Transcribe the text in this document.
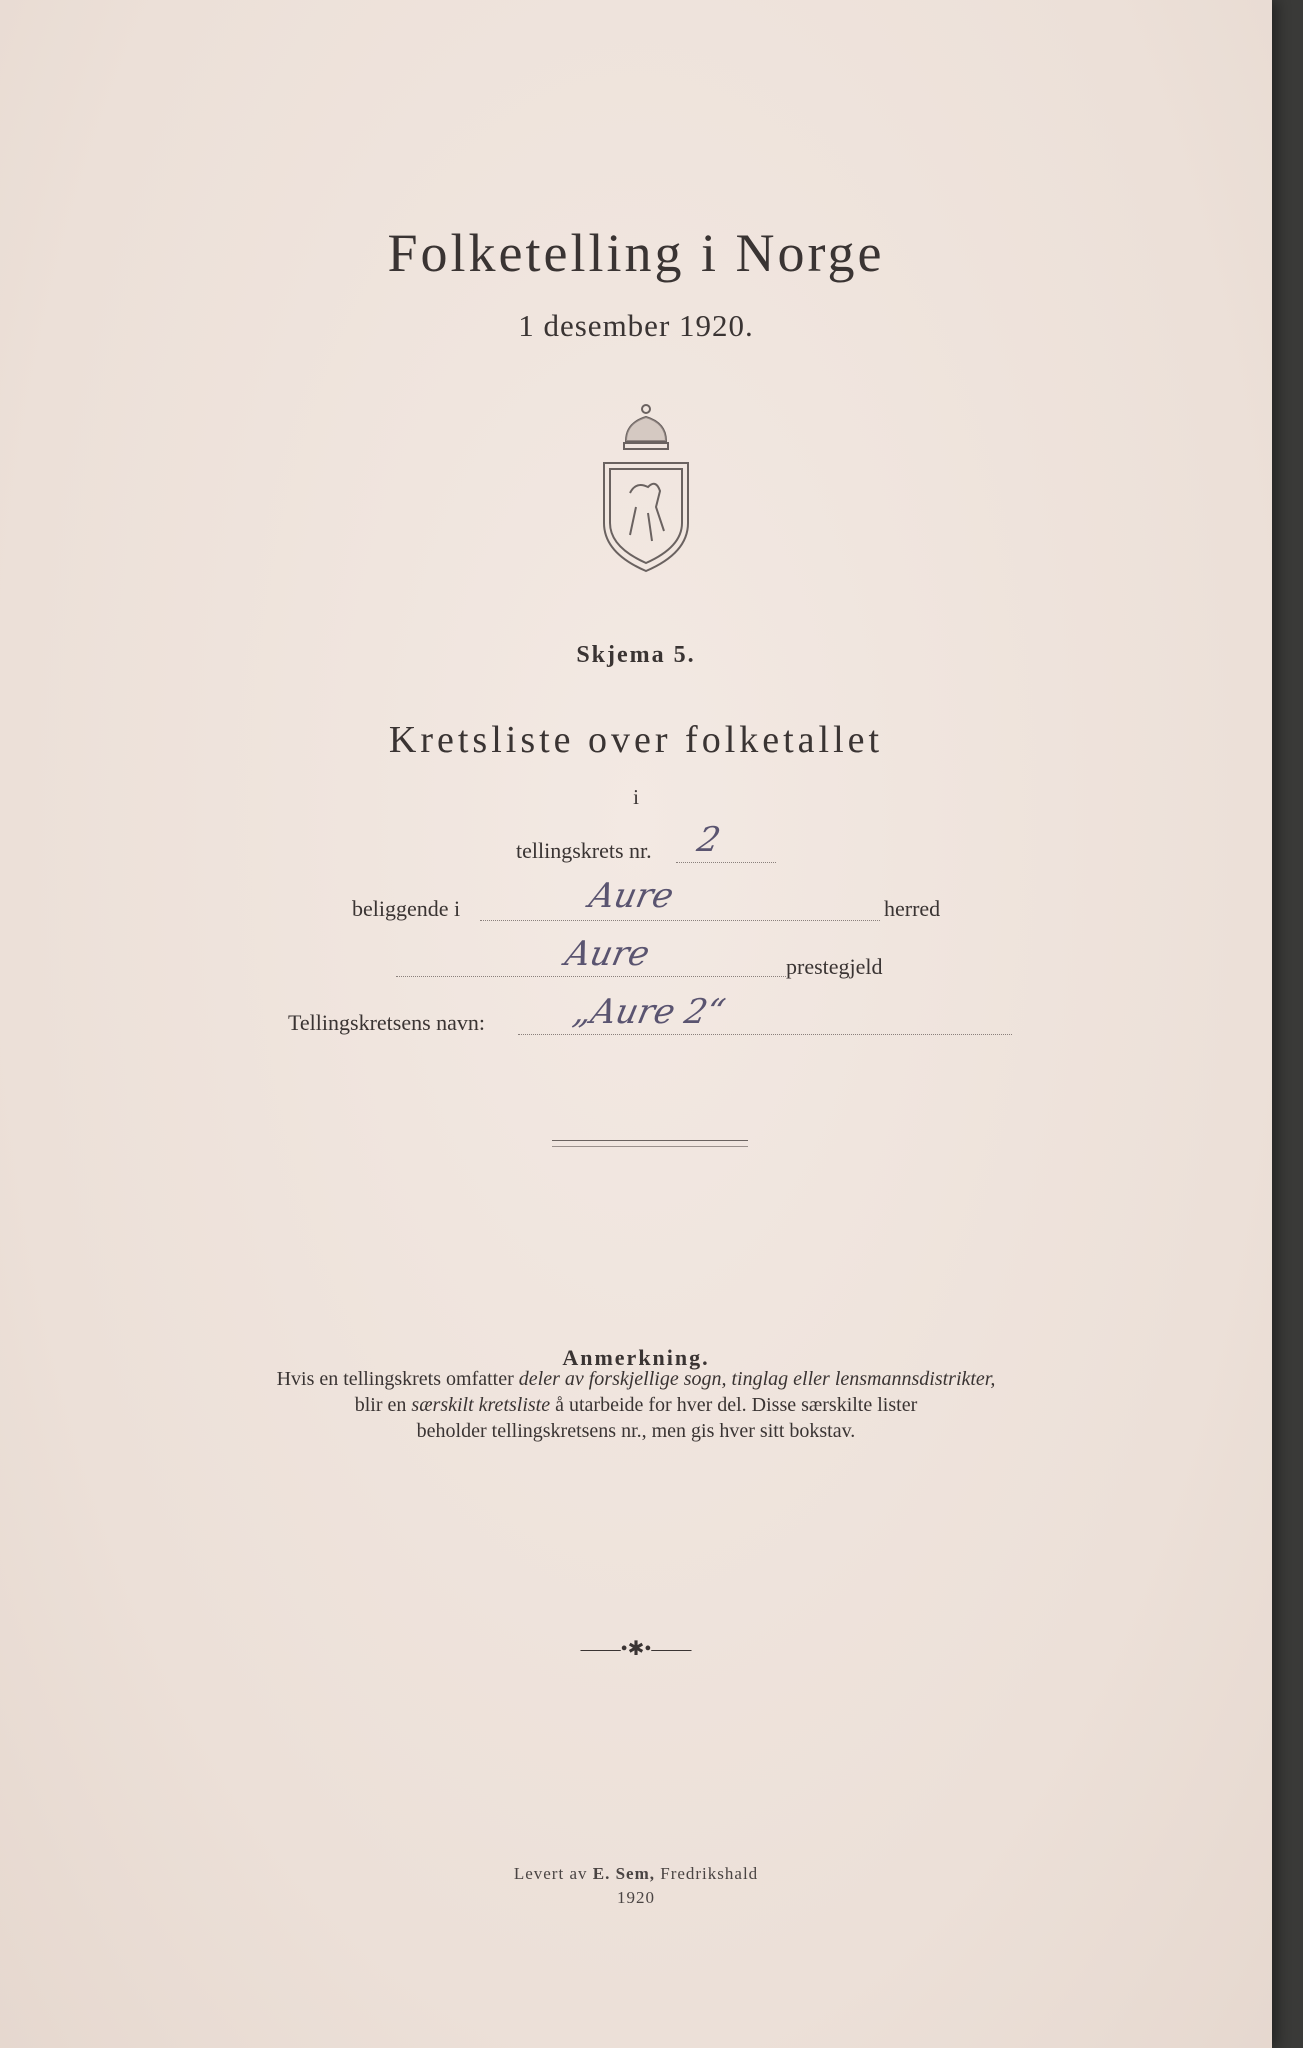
Folketelling i Norge
1 desember 1920.
Skjema 5.
Kretsliste over folketallet
i
tellingskrets nr. 2
beliggende i	Aure	herred
Aure	prestegjeld
Tellingskretsens navn: „Aure 2“
Anmerkning.
Hvis en tellingskrets omfatter deler av forskjellige sogn, tinglag eller lensmannsdistrikter,
blir en særskilt kretsliste å utarbeide for hver del. Disse særskilte lister
beholder tellingskretsens nr., men gis hver sitt bokstav.
——•✱•——
Levert av E. Sem, Fredrikshald
1920
